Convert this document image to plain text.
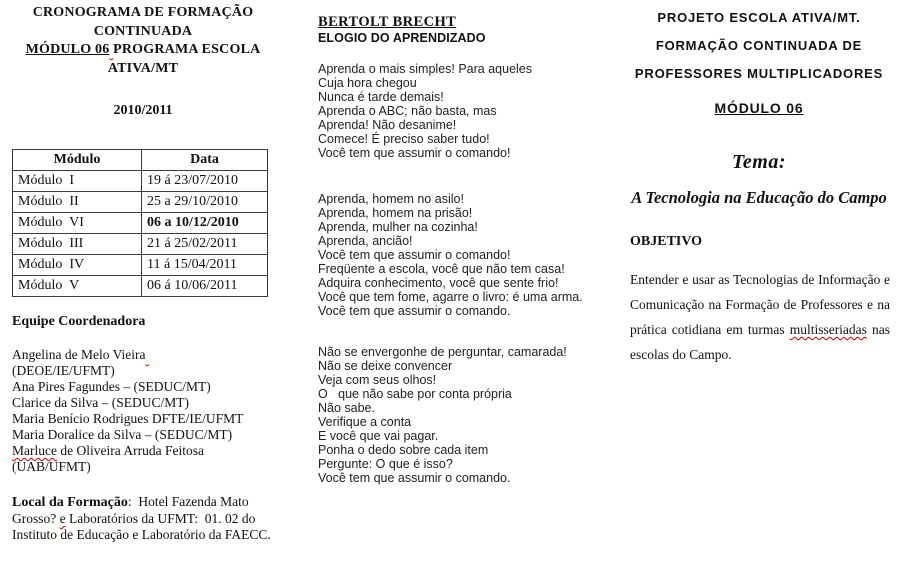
CRONOGRAMA DE FORMAÇÃO CONTINUADA
MÓDULO 06 PROGRAMA ESCOLA ATIVA/MT
2010/2011
Módulo	Data
Módulo  I	19 á 23/07/2010
Módulo  II	25 a 29/10/2010
Módulo  VI	06 a 10/12/2010
Módulo  III	21 á 25/02/2011
Módulo  IV	11 á 15/04/2011
Módulo  V	06 á 10/06/2011
Equipe Coordenadora
Angelina de Melo Vieira
(DEOE/IE/UFMT)
Ana Pires Fagundes – (SEDUC/MT)
Clarice da Silva – (SEDUC/MT)
Maria Benício Rodrigues DFTE/IE/UFMT
Maria Doralice da Silva – (SEDUC/MT)
Marluce de Oliveira Arruda Feitosa
(UAB/UFMT)
Local da Formação:  Hotel Fazenda Mato Grosso? e Laboratórios da UFMT:  01. 02 do Instituto de Educação e Laboratório da FAECC.
BERTOLT BRECHT
ELOGIO DO APRENDIZADO
Aprenda o mais simples! Para aqueles
Cuja hora chegou
Nunca é tarde demais!
Aprenda o ABC; não basta, mas
Aprenda! Não desanime!
Comece! É preciso saber tudo!
Você tem que assumir o comando!
Aprenda, homem no asilo!
Aprenda, homem na prisão!
Aprenda, mulher na cozinha!
Aprenda, ancião!
Você tem que assumir o comando!
Freqüente a escola, você que não tem casa!
Adquira conhecimento, você que sente frio!
Você que tem fome, agarre o livro: é uma arma.
Você tem que assumir o comando.
Não se envergonhe de perguntar, camarada!
Não se deixe convencer
Veja com seus olhos!
O   que não sabe por conta própria
Não sabe.
Verifique a conta
E você que vai pagar.
Ponha o dedo sobre cada item
Pergunte: O que é isso?
Você tem que assumir o comando.
PROJETO ESCOLA ATIVA/MT.
FORMAÇÃO CONTINUADA DE
PROFESSORES MULTIPLICADORES
MÓDULO 06
Tema:
A Tecnologia na Educação do Campo
OBJETIVO
Entender e usar as Tecnologias de Informação e Comunicação na Formação de Professores e na prática cotidiana em turmas multisseriadas nas escolas do Campo.
